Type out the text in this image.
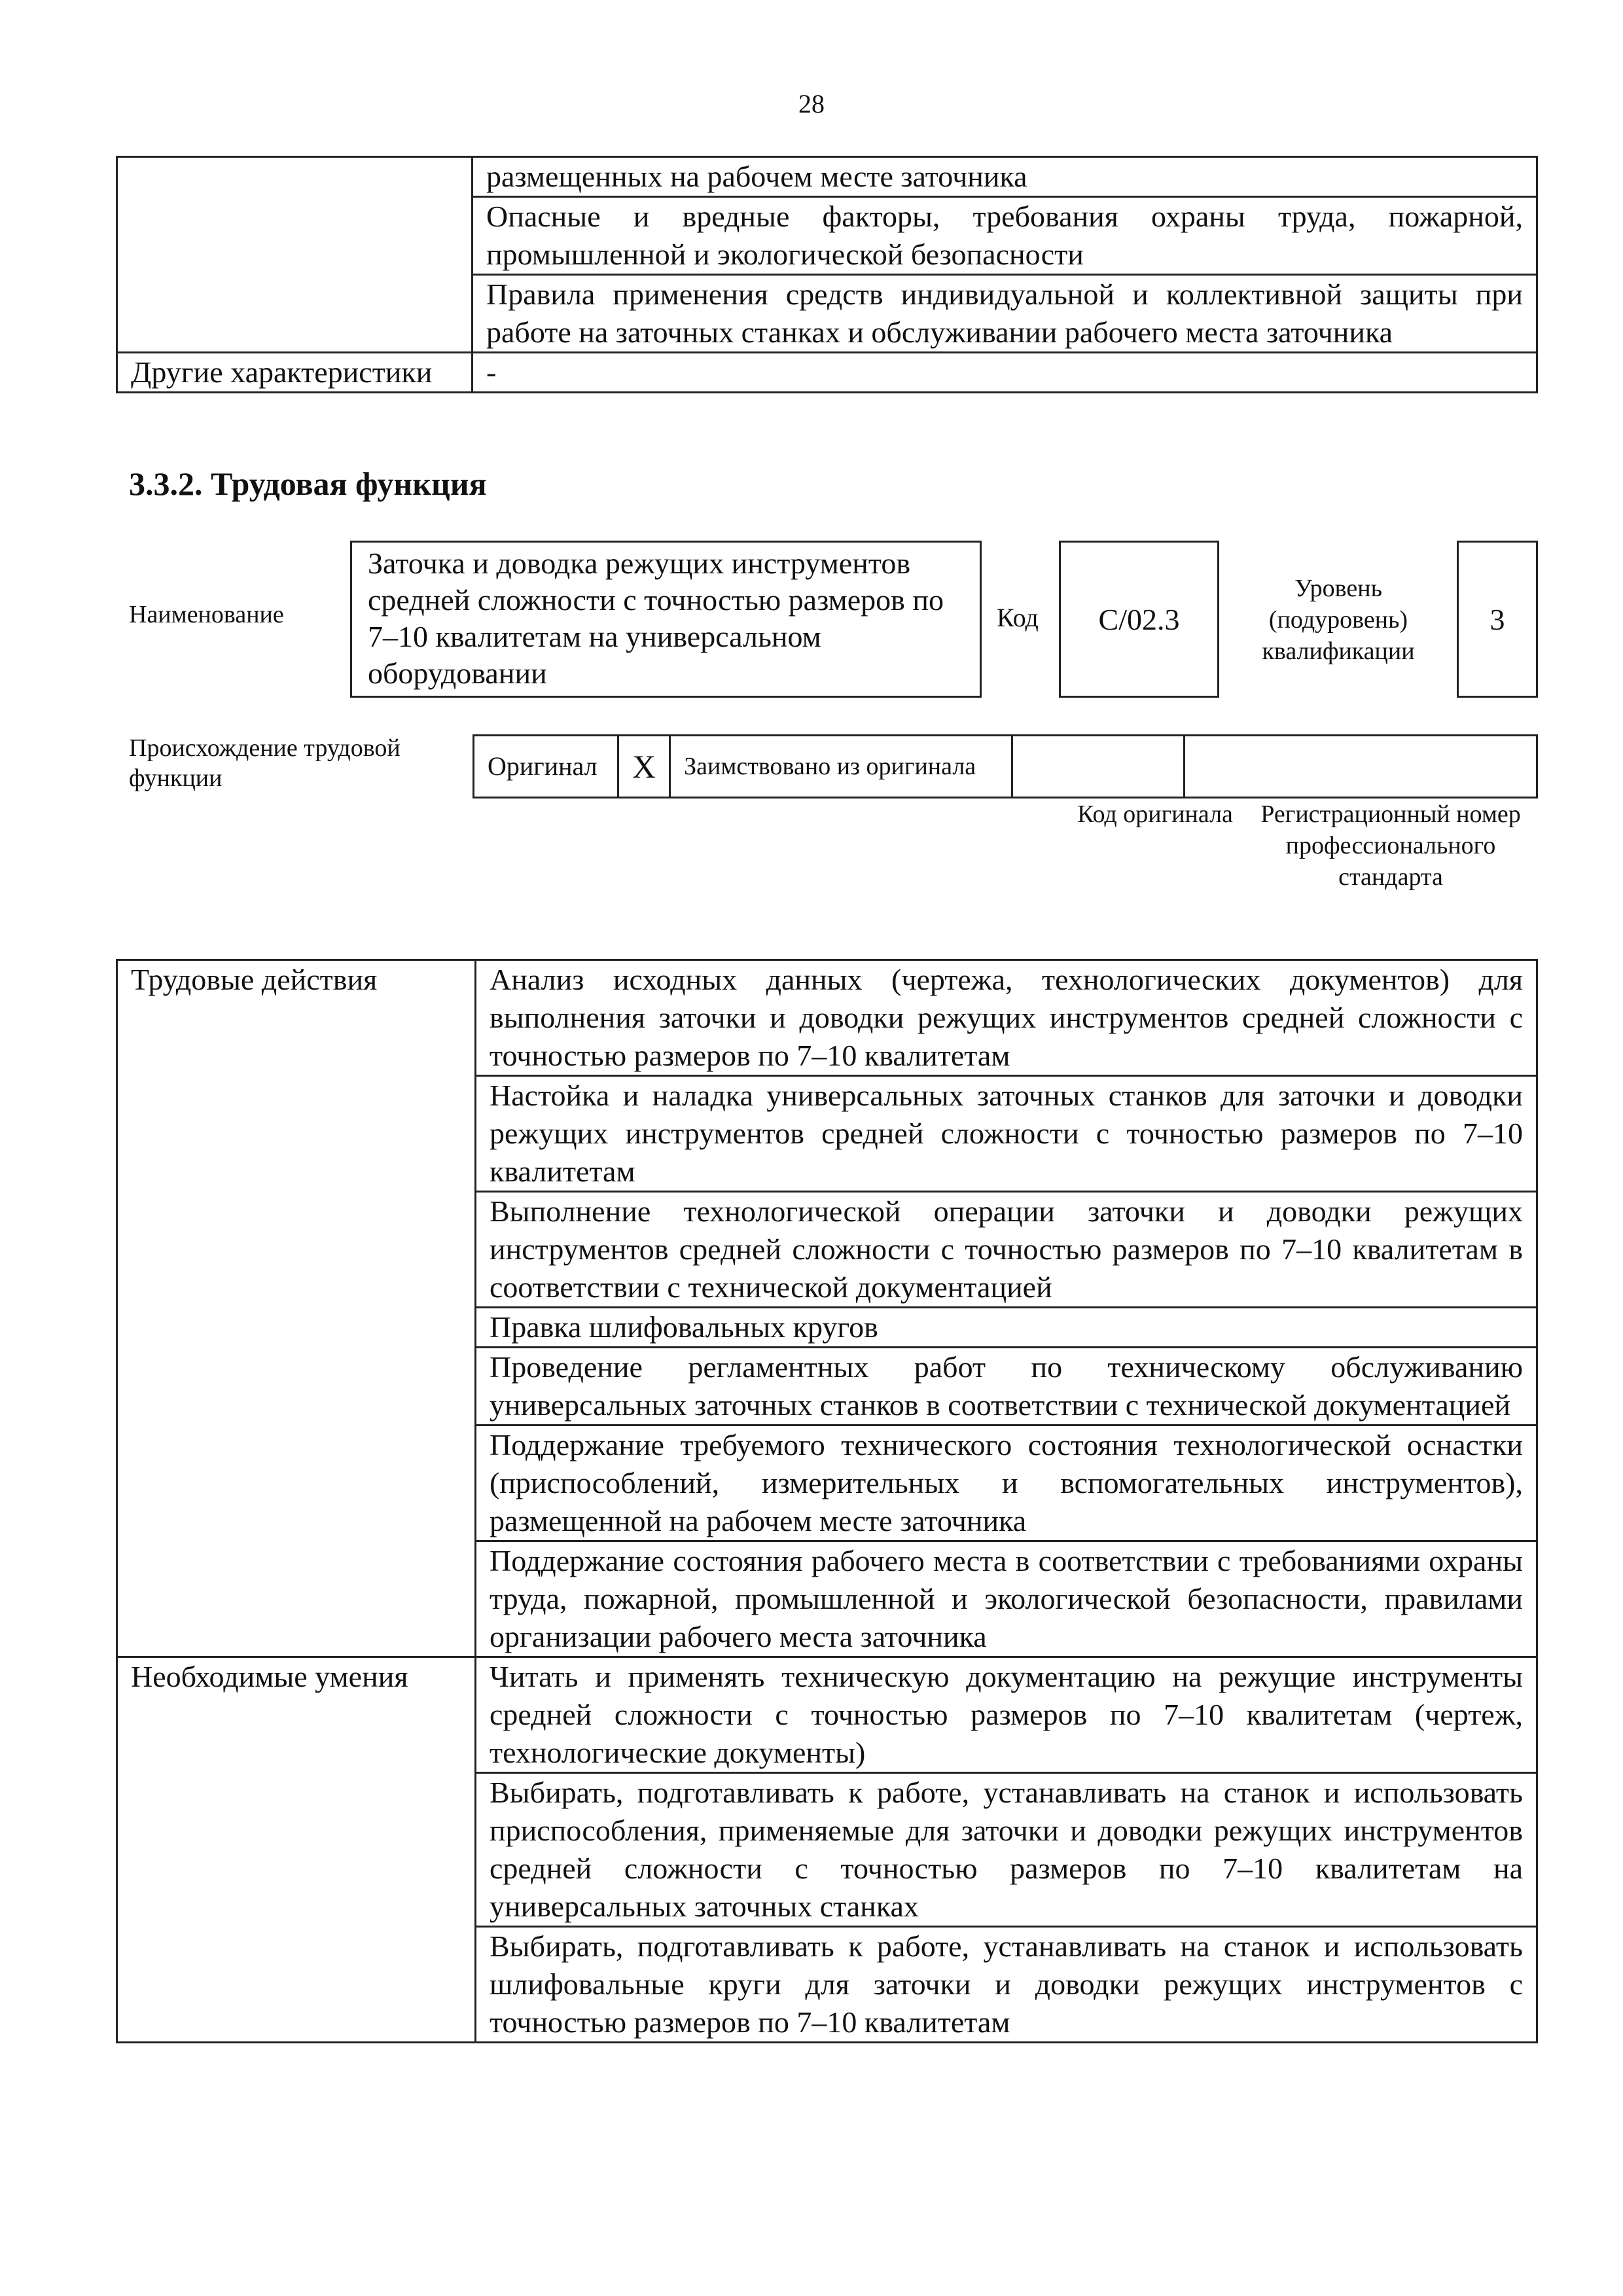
28
	размещенных на рабочем месте заточника
	Опасные и вредные факторы, требования охраны труда, пожарной, промышленной и экологической безопасности
	Правила применения средств индивидуальной и коллективной защиты при работе на заточных станках и обслуживании рабочего места заточника
Другие характеристики	-
3.3.2. Трудовая функция
Наименование
Заточка и доводка режущих инструментов средней сложности с точностью размеров по 7–10 квалитетам на универсальном оборудовании
Код	С/02.3
Уровень (подуровень) квалификации
3
Происхождение трудовой функции	Оригинал	X	Заимствовано из оригинала		
Код оригинала	Регистрационный номер профессионального стандарта
Трудовые действия	Анализ исходных данных (чертежа, технологических документов) для выполнения заточки и доводки режущих инструментов средней сложности с точностью размеров по 7–10 квалитетам
	Настойка и наладка универсальных заточных станков для заточки и доводки режущих инструментов средней сложности с точностью размеров по 7–10 квалитетам
	Выполнение технологической операции заточки и доводки режущих инструментов средней сложности с точностью размеров по 7–10 квалитетам в соответствии с технической документацией
	Правка шлифовальных кругов
	Проведение регламентных работ по техническому обслуживанию универсальных заточных станков в соответствии с технической документацией
	Поддержание требуемого технического состояния технологической оснастки (приспособлений, измерительных и вспомогательных инструментов), размещенной на рабочем месте заточника
	Поддержание состояния рабочего места в соответствии с требованиями охраны труда, пожарной, промышленной и экологической безопасности, правилами организации рабочего места заточника
Необходимые умения	Читать и применять техническую документацию на режущие инструменты средней сложности с точностью размеров по 7–10 квалитетам (чертеж, технологические документы)
	Выбирать, подготавливать к работе, устанавливать на станок и использовать приспособления, применяемые для заточки и доводки режущих инструментов средней сложности с точностью размеров по 7–10 квалитетам на универсальных заточных станках
	Выбирать, подготавливать к работе, устанавливать на станок и использовать шлифовальные круги для заточки и доводки режущих инструментов с точностью размеров по 7–10 квалитетам
